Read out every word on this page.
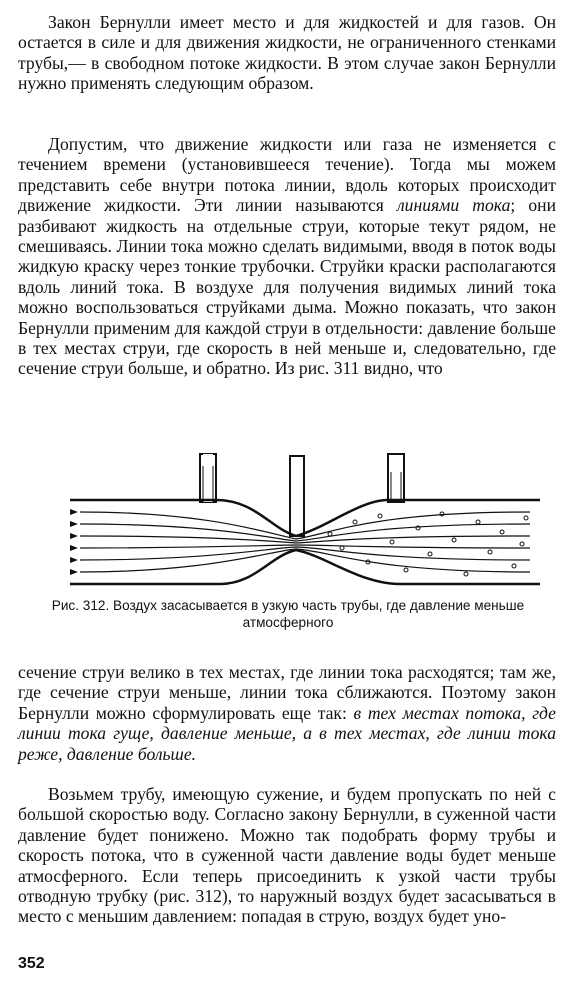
Закон Бернулли имеет место и для жидкостей и для газов. Он остается в силе и для движения жидкости, не ограниченного стенками трубы,— в свободном потоке жидкости. В этом случае закон Бернулли нужно применять следующим образом.

Допустим, что движение жидкости или газа не изменяется с течением времени (установившееся течение). Тогда мы можем представить себе внутри потока линии, вдоль которых происходит движение жидкости. Эти линии называются линиями тока; они разбивают жидкость на отдельные струи, которые текут рядом, не смешиваясь. Линии тока можно сделать видимыми, вводя в поток воды жидкую краску через тонкие трубочки. Струйки краски располагаются вдоль линий тока. В воздухе для получения видимых линий тока можно воспользоваться струйками дыма. Можно показать, что закон Бернулли применим для каждой струи в отдельности: давление больше в тех местах струи, где скорость в ней меньше и, следовательно, где сечение струи больше, и обратно. Из рис. 311 видно, что

Рис. 312. Воздух засасывается в узкую часть трубы, где давление меньше атмосферного

сечение струи велико в тех местах, где линии тока расходятся; там же, где сечение струи меньше, линии тока сближаются. Поэтому закон Бернулли можно сформулировать еще так: в тех местах потока, где линии тока гуще, давление меньше, а в тех местах, где линии тока реже, давление больше.

Возьмем трубу, имеющую сужение, и будем пропускать по ней с большой скоростью воду. Согласно закону Бернулли, в суженной части давление будет понижено. Можно так подобрать форму трубы и скорость потока, что в суженной части давление воды будет меньше атмосферного. Если теперь присоединить к узкой части трубы отводную трубку (рис. 312), то наружный воздух будет засасываться в место с меньшим давлением: попадая в струю, воздух будет уно-

352
